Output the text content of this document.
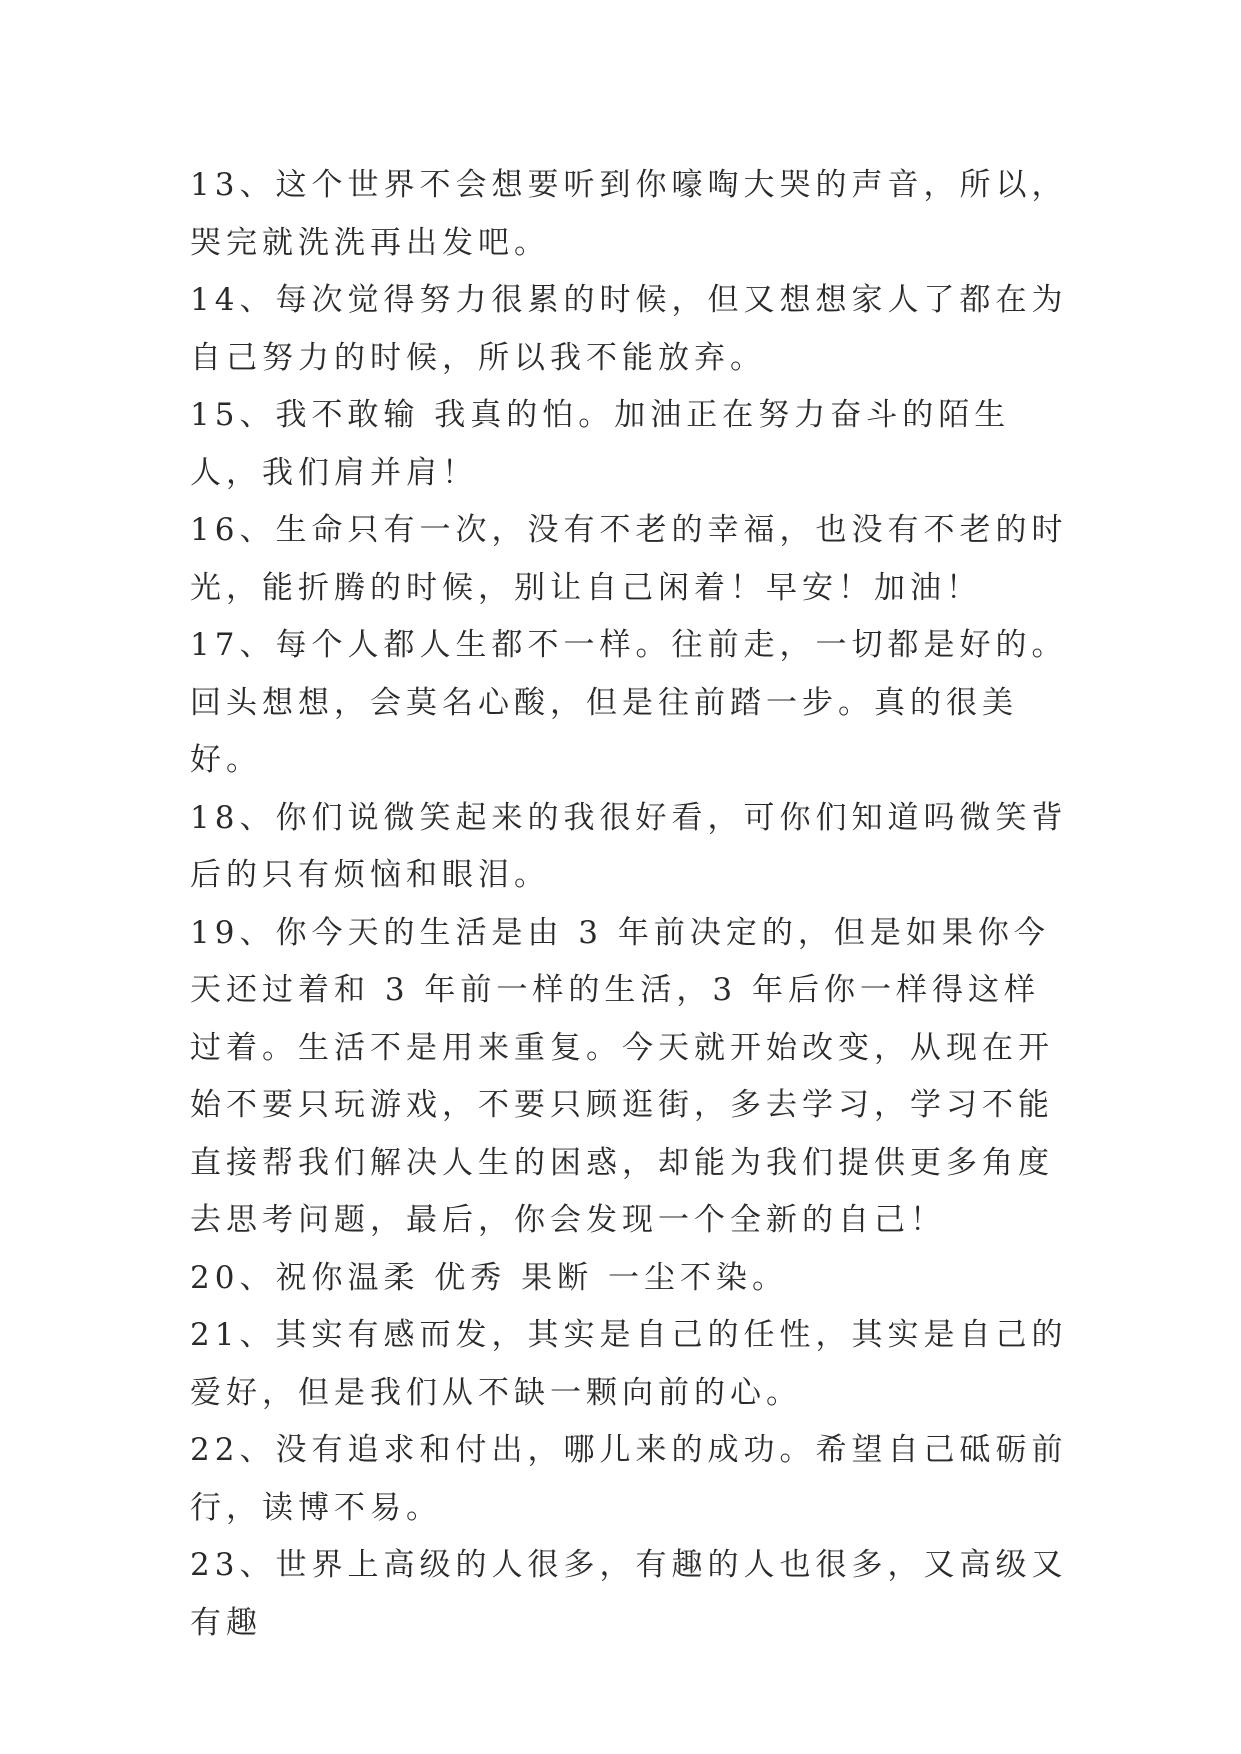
13、这个世界不会想要听到你嚎啕大哭的声音，所以，哭完就洗洗再出发吧。

14、每次觉得努力很累的时候，但又想想家人了都在为自己努力的时候，所以我不能放弃。

15、我不敢输 我真的怕。加油正在努力奋斗的陌生人，我们肩并肩！

16、生命只有一次，没有不老的幸福，也没有不老的时光，能折腾的时候，别让自己闲着！早安！加油！

17、每个人都人生都不一样。往前走，一切都是好的。回头想想，会莫名心酸，但是往前踏一步。真的很美好。

18、你们说微笑起来的我很好看，可你们知道吗微笑背后的只有烦恼和眼泪。

19、你今天的生活是由 3 年前决定的，但是如果你今天还过着和 3 年前一样的生活，3 年后你一样得这样过着。生活不是用来重复。今天就开始改变，从现在开始不要只玩游戏，不要只顾逛街，多去学习，学习不能直接帮我们解决人生的困惑，却能为我们提供更多角度去思考问题，最后，你会发现一个全新的自己！

20、祝你温柔 优秀 果断 一尘不染。

21、其实有感而发，其实是自己的任性，其实是自己的爱好，但是我们从不缺一颗向前的心。

22、没有追求和付出，哪儿来的成功。希望自己砥砺前行，读博不易。

23、世界上高级的人很多，有趣的人也很多，又高级又有趣
